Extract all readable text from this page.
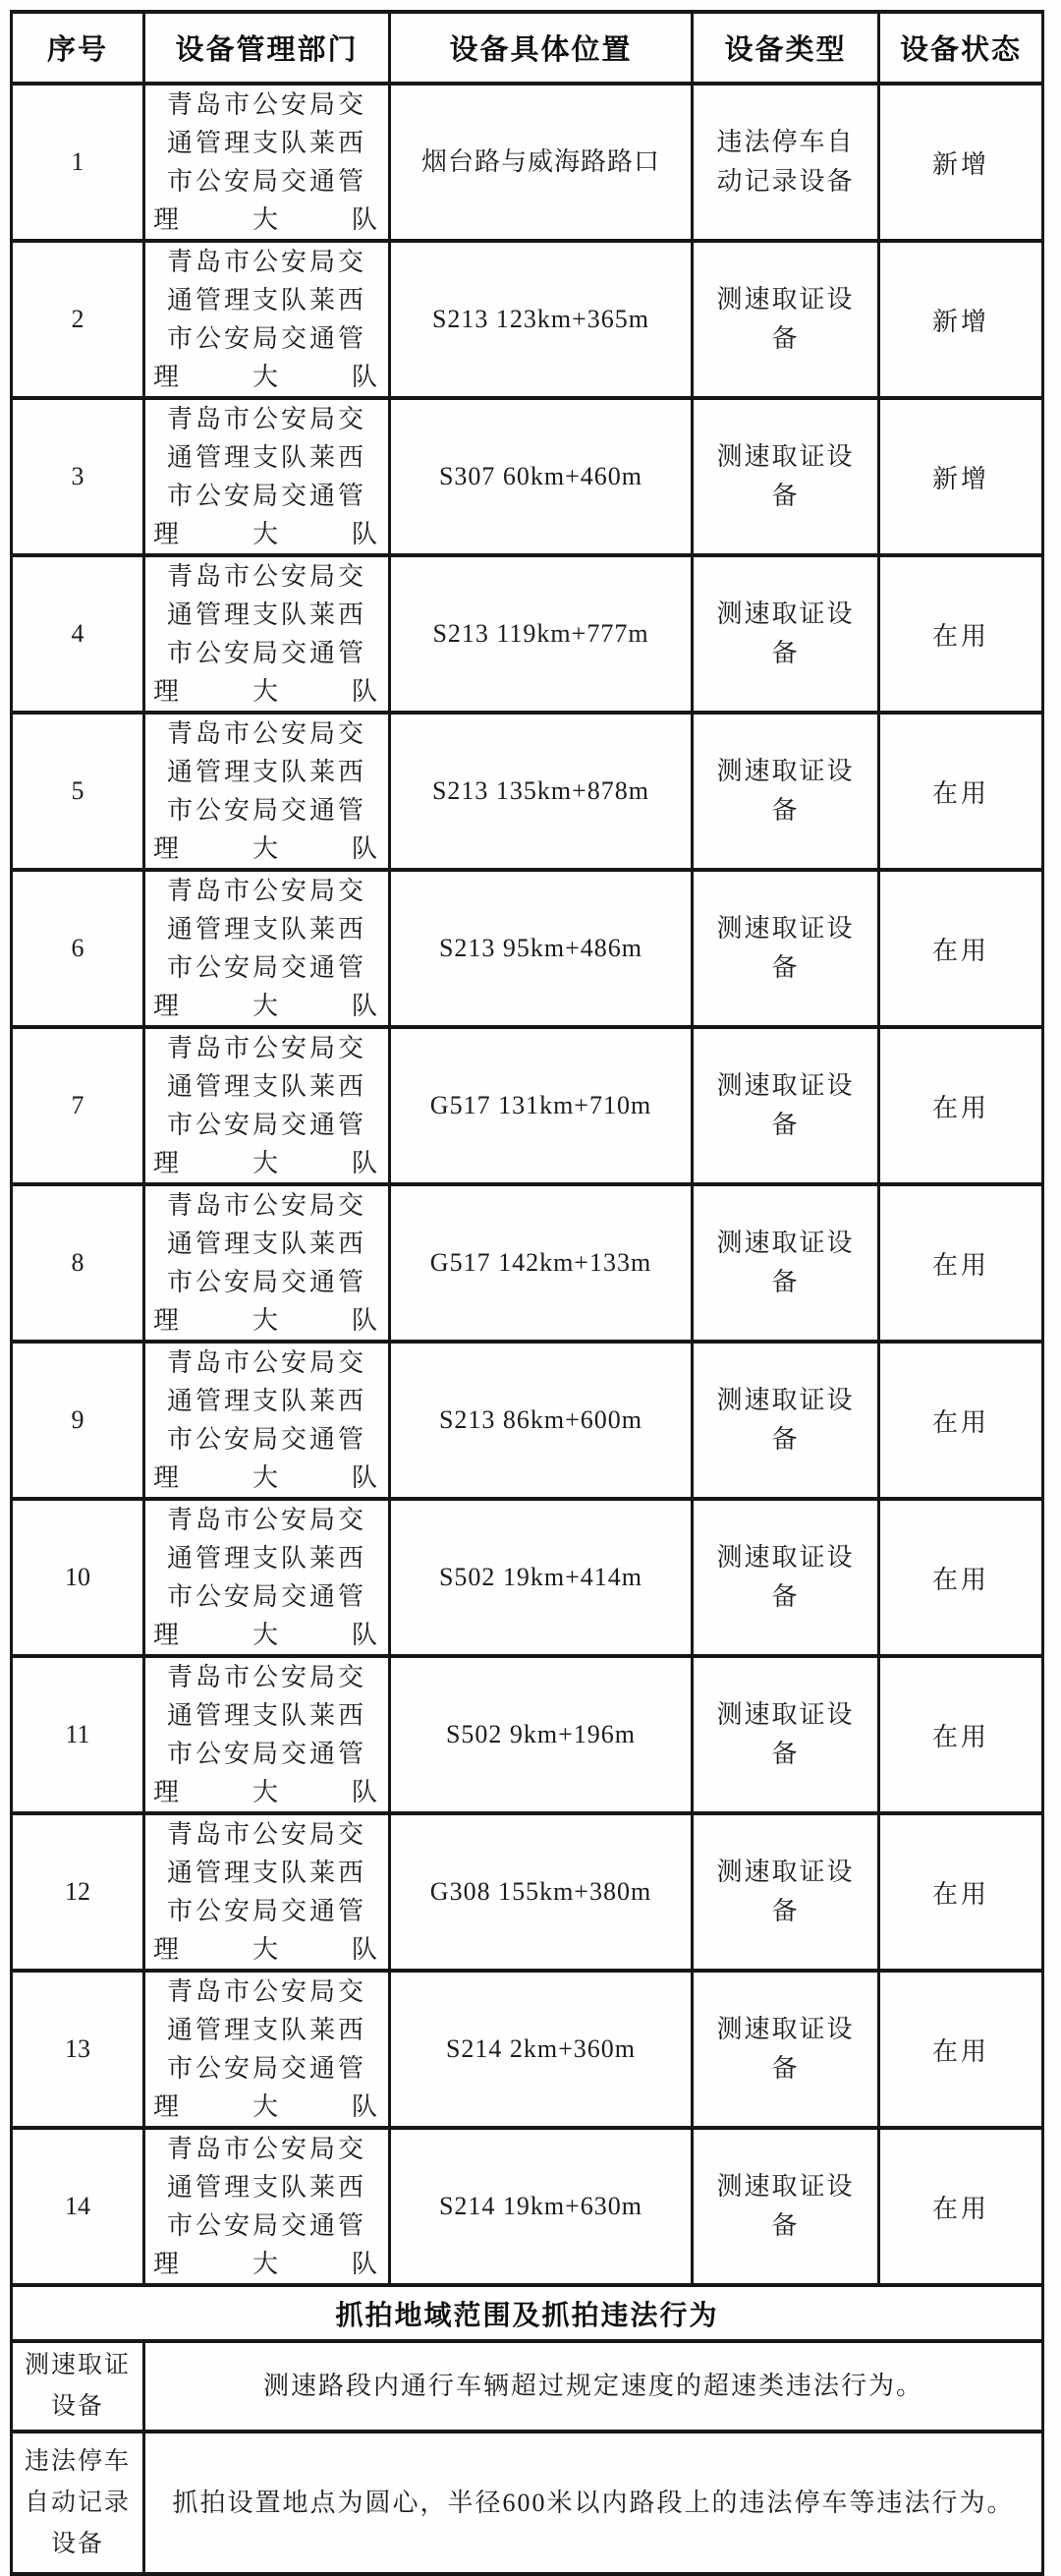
序号	设备管理部门	设备具体位置	设备类型	设备状态
1	青岛市公安局交通管理支队莱西市公安局交通管理大队	烟台路与威海路路口	违法停车自动记录设备	新增
2	青岛市公安局交通管理支队莱西市公安局交通管理大队	S213 123km+365m	测速取证设备	新增
3	青岛市公安局交通管理支队莱西市公安局交通管理大队	S307 60km+460m	测速取证设备	新增
4	青岛市公安局交通管理支队莱西市公安局交通管理大队	S213 119km+777m	测速取证设备	在用
5	青岛市公安局交通管理支队莱西市公安局交通管理大队	S213 135km+878m	测速取证设备	在用
6	青岛市公安局交通管理支队莱西市公安局交通管理大队	S213 95km+486m	测速取证设备	在用
7	青岛市公安局交通管理支队莱西市公安局交通管理大队	G517 131km+710m	测速取证设备	在用
8	青岛市公安局交通管理支队莱西市公安局交通管理大队	G517 142km+133m	测速取证设备	在用
9	青岛市公安局交通管理支队莱西市公安局交通管理大队	S213 86km+600m	测速取证设备	在用
10	青岛市公安局交通管理支队莱西市公安局交通管理大队	S502 19km+414m	测速取证设备	在用
11	青岛市公安局交通管理支队莱西市公安局交通管理大队	S502 9km+196m	测速取证设备	在用
12	青岛市公安局交通管理支队莱西市公安局交通管理大队	G308 155km+380m	测速取证设备	在用
13	青岛市公安局交通管理支队莱西市公安局交通管理大队	S214 2km+360m	测速取证设备	在用
14	青岛市公安局交通管理支队莱西市公安局交通管理大队	S214 19km+630m	测速取证设备	在用
抓拍地域范围及抓拍违法行为				
测速取证设备	测速路段内通行车辆超过规定速度的超速类违法行为。			
违法停车自动记录设备	抓拍设置地点为圆心，半径600米以内路段上的违法停车等违法行为。			
